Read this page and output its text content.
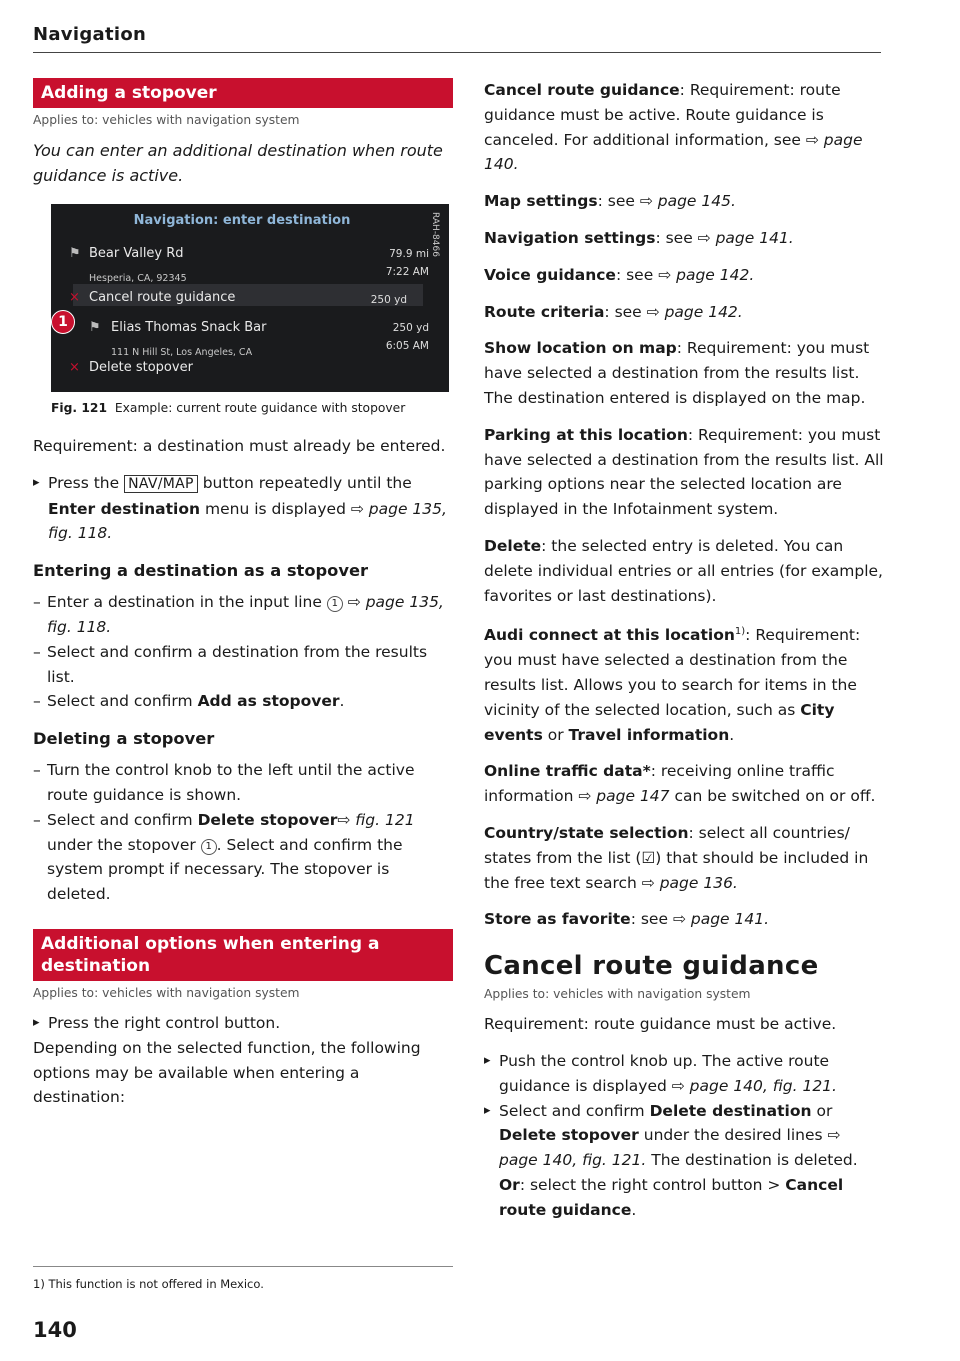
Navigation
Adding a stopover
Applies to: vehicles with navigation system
You can enter an additional destination when route guidance is active.
Navigation: enter destination	RAH-8466
⚑ Bear Valley Rd
Hesperia, CA, 92345
79.9 mi
7:22 AM
× Cancel route guidance	250 yd
⚑ Elias Thomas Snack Bar
111 N Hill St, Los Angeles, CA
250 yd
6:05 AM
× Delete stopover
1
Fig. 121 Example: current route guidance with stopover

Requirement: a destination must already be entered.

▸ Press the NAV/MAP button repeatedly until the Enter destination menu is displayed ⇨ page 135, fig. 118.

Entering a destination as a stopover

– Enter a destination in the input line 1 ⇨ page 135, fig. 118.

– Select and confirm a destination from the results list.

– Select and confirm Add as stopover.

Deleting a stopover

– Turn the control knob to the left until the active route guidance is shown.

– Select and confirm Delete stopover⇨ fig. 121 under the stopover 1 . Select and confirm the system prompt if necessary. The stopover is deleted.

Additional options when entering a destination
Applies to: vehicles with navigation system

▸ Press the right control button.

Depending on the selected function, the following options may be available when entering a destination:

1) This function is not offered in Mexico.
140

Cancel route guidance: Requirement: route guidance must be active. Route guidance is canceled. For additional information, see ⇨ page 140.

Map settings: see ⇨ page 145.

Navigation settings: see ⇨ page 141.

Voice guidance: see ⇨ page 142.

Route criteria: see ⇨ page 142.

Show location on map: Requirement: you must have selected a destination from the results list. The destination entered is displayed on the map.

Parking at this location: Requirement: you must have selected a destination from the results list. All parking options near the selected location are displayed in the Infotainment system.

Delete: the selected entry is deleted. You can delete individual entries or all entries (for example, favorites or last destinations).

Audi connect at this location$^{1)}$: Requirement: you must have selected a destination from the results list. Allows you to search for items in the vicinity of the selected location, such as City events or Travel information.

Online traffic data*: receiving online traffic information ⇨ page 147 can be switched on or off.

Country/state selection: select all countries/ states from the list (☑) that should be included in the free text search ⇨ page 136.

Store as favorite: see ⇨ page 141.

Cancel route guidance
Applies to: vehicles with navigation system

Requirement: route guidance must be active.

▸ Push the control knob up. The active route guidance is displayed ⇨ page 140, fig. 121.

▸ Select and confirm Delete destination or Delete stopover under the desired lines ⇨ page 140, fig. 121. The destination is deleted. Or: select the right control button > Cancel route guidance.
